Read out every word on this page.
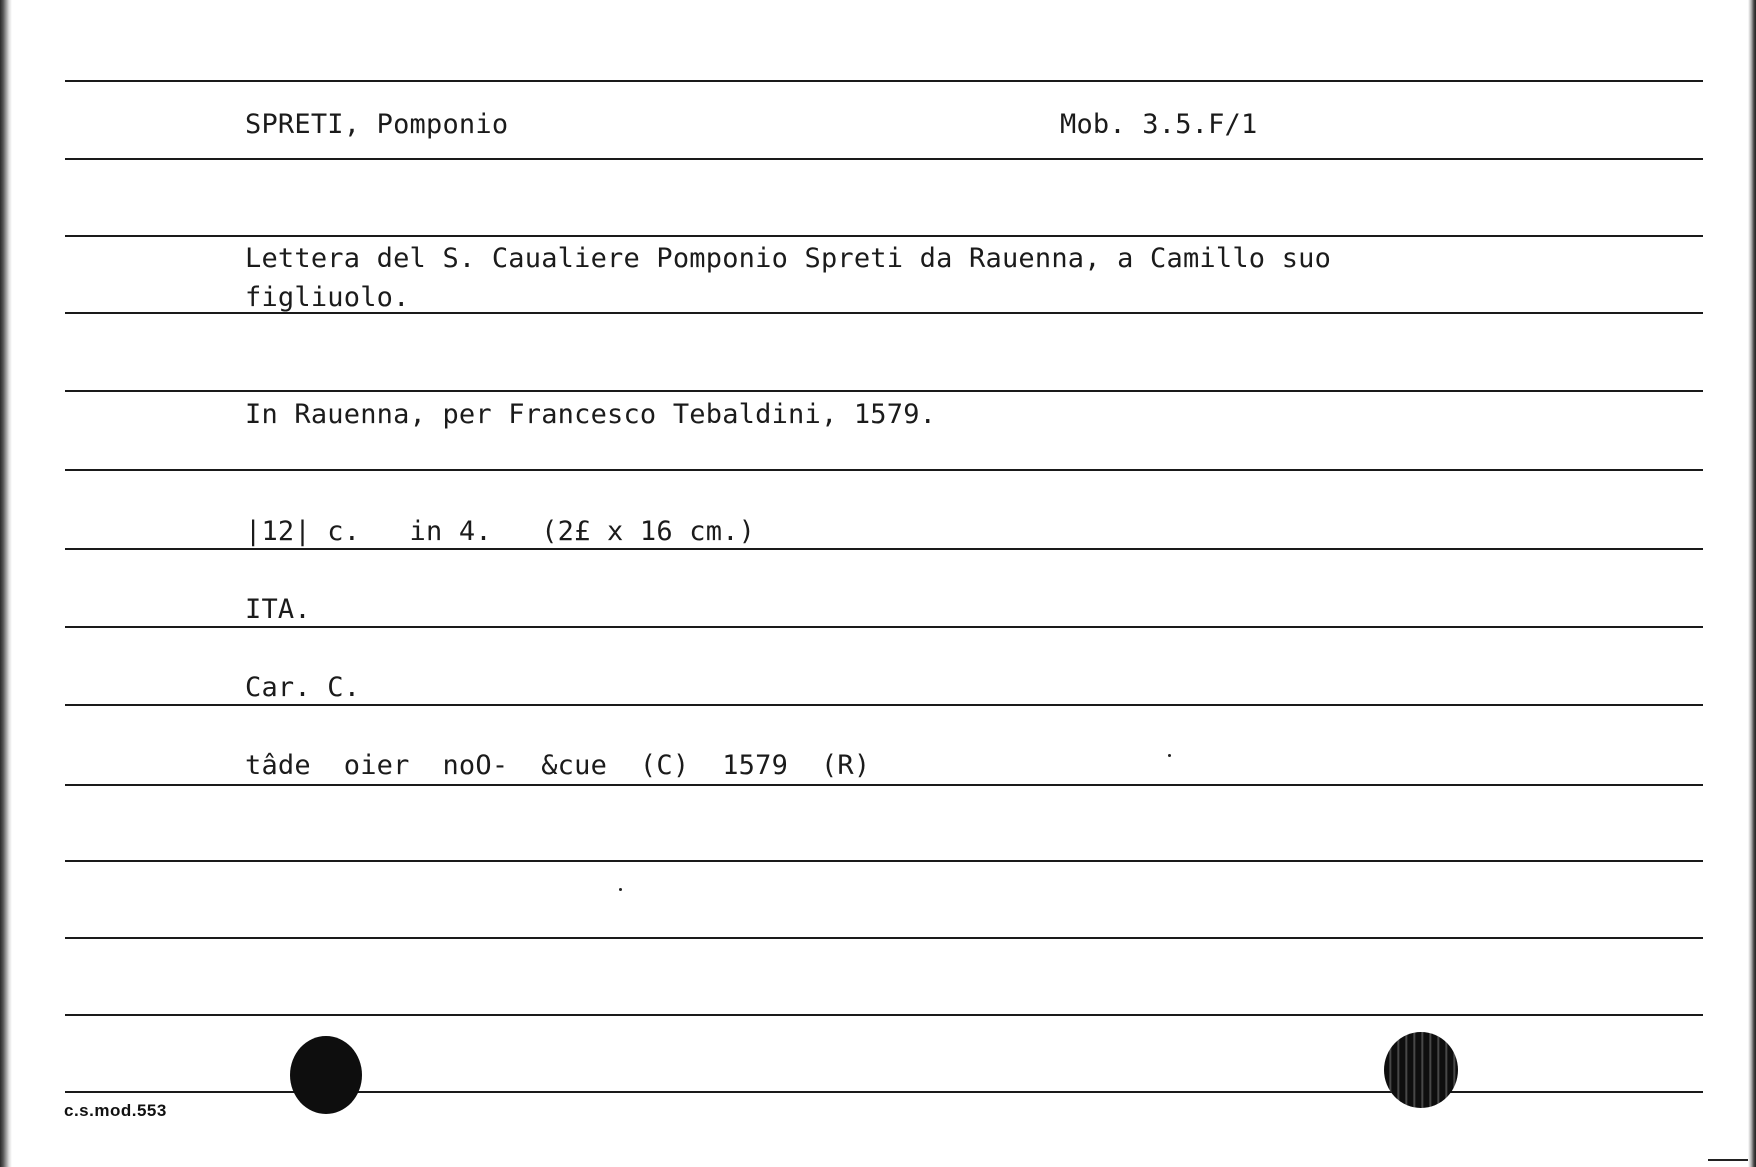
SPRETI, Pomponio	Mob. 3.5.F/1
Lettera del S. Caualiere Pomponio Spreti da Rauenna, a Camillo suo
figliuolo.
In Rauenna, per Francesco Tebaldini, 1579.
|12| c.   in 4.   (2£ x 16 cm.)
ITA.
Car. C.
tâde  oier  noO-  &cue  (C)  1579  (R)
c.s.mod.553
